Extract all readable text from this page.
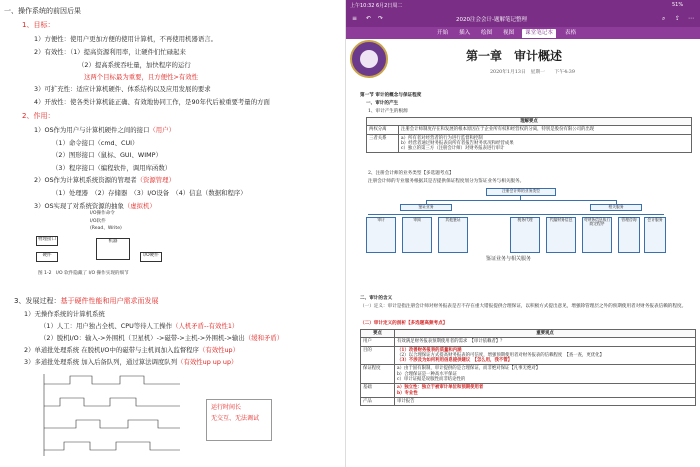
一、操作系统的前因后果
1、目标：
1）方便性：使用户更加方便的使用计算机，不再使用机器语言。
2）有效性：（1）提高资源利用率，让硬件们忙碌起来
（2）提高系统吞吐量，加快程序的运行
这两个目标最为重要，且方便性>有效性
3）可扩充性：适应计算机硬件、体系结构以及应用发展的要求
4）开放性：使各类计算机能正确、有效地协同工作，是90年代后被重要考量的方面
2、作用：
1）OS作为用户与计算机硬件之间的接口（用户）
（1）命令接口（cmd、CUI）
（2）图形接口（鼠标、GUI、WIMP）
（3）程序接口（编程软件，调用库函数）
2）OS作为计算机系统资源的管理者（资源管理）
（1）处理器　（2）存储器　（3）I/O设备　（4）信息（数据和程序）
3）OS实现了对系统资源的抽象（虚拟机）
I/O操作命令
I/O软件
(Read、Write)
物理接口
硬件
机器
I/O硬件
图 1-2　I/O 软件隐藏了 I/O 操作实现的细节
3、发展过程：基于硬件性能和用户需求而发展
1）无操作系统的计算机系统
（1）人工：用户独占全机、CPU等待人工操作（人机矛盾--有效性1）
（2）脱机I/O：输入->外围机（卫星机）->磁带->主机->外围机->输出（缓和矛盾）
2）单道批处理系统 在脱机I/O中的磁带与主机间加入监督程序（有效性up）
3）多道批处理系统 加入后备队列，通过算法调度队列（有效性up up up）
运行时间长
无交互、无法调试
上午10:32 6月2日周二	51%
≡ ↶ ↷	2020注会会计-题解笔记整理	⌕ ⇪ ⋯
开始	插入	绘图	视图	课堂笔记本	表格
第一章　审计概述
2020年1月13日　星期一　　下午4:39
第一节 审计的概念与保证程度
一、审计的产生
1、审计产生的根源
理解要点	
两权分离	注册会计师制度存在和发展的根本原因在于企业所有权和经营权的分离，特别是股份有限公司的出现
三者关系	a）所有者对经营者的行为进行监督和控制
b）经营者通过财务报表向所有者报告财务状况和经营成果
c）独立的第三方（注册会计师）对财务报表进行审计
2、注册会计师的业务类型【多选题考点】
注册会计师的专业服务根据其是否提供保证程度划分为鉴证业务与相关服务。
注册会计师的业务类型
鉴证业务	相关服务
审计	审阅	其他鉴证	税务代理	代编财务信息	对财务信息执行商定程序
管理咨询	会计服务
鉴证业务与相关服务
二、审计的含义
（一）定义：审计是指注册会计师对财务报表是否不存在重大错报提供合理保证，以积极方式提出意见，增强除管理层之外的预期使用者对财务报表信赖的程度。
（二）审计定义的剖析【多选题高频考点】
要点	重要观点
用户	有效满足财务报表预期使用者的需求　【审计依赖者】？
目的	（1）改善财务报表的质量和内涵
（2）以合理保证方式提高财务报表的可信度，增强预期使用者对财务报表的信赖程度　【查一查，更优化】
（3）不涉及为如何利用信息提供建议　【怎么用，我不管】

保证程度	a）由于固有限制，审计提供的是合理保证，而非绝对保证【凡事无绝对】
b）合理保证是一种高水平保证
c）审计证据是说服性而非结论性的

基础	a）独立性：独立于被审计单位和预期使用者
b）专业性

产品	审计报告
